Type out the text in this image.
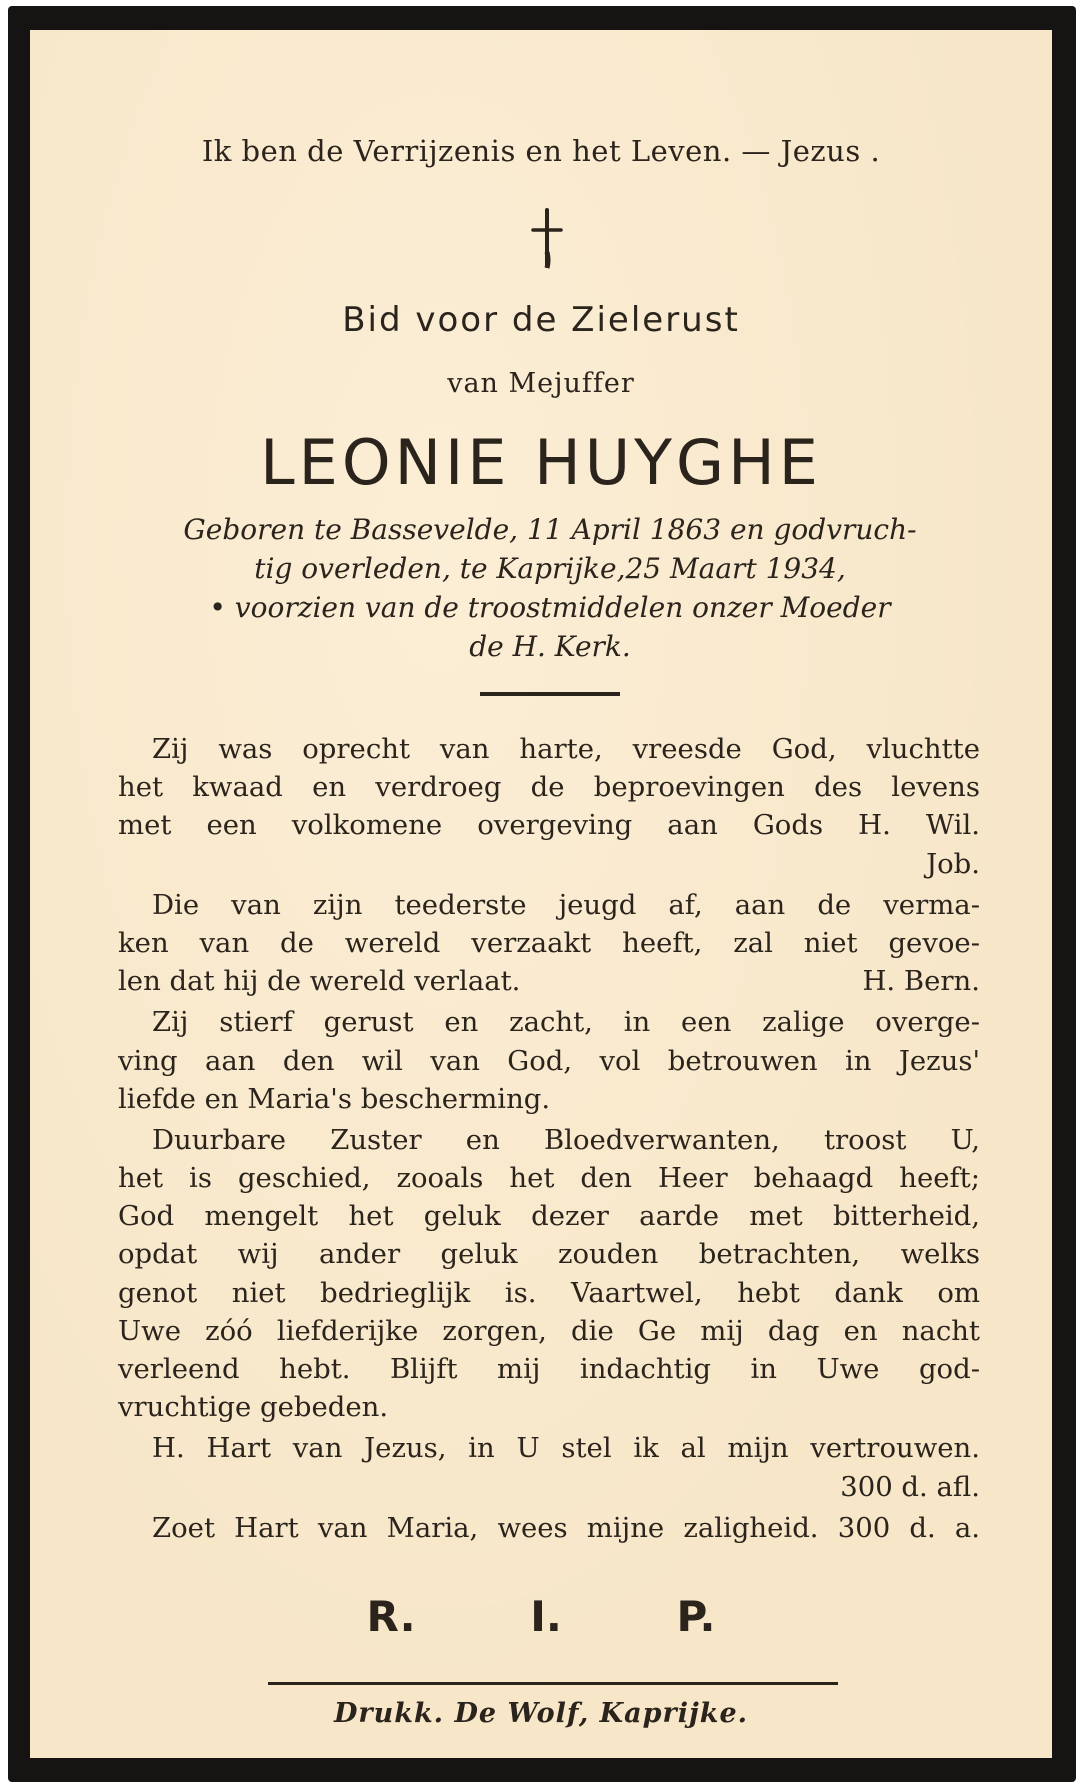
Ik ben de Verrijzenis en het Leven. — Jezus .
Bid voor de Zielerust
van Mejuffer
LEONIE HUYGHE
Geboren te Bassevelde, 11 April 1863 en godvruch-
tig overleden, te Kaprijke,25 Maart 1934,
• voorzien van de troostmiddelen onzer Moeder
de H. Kerk.
Zij was oprecht van harte, vreesde God, vluchtte
het kwaad en verdroeg de beproevingen des levens
met een volkomene overgeving aan Gods H. Wil.
Job.
Die van zijn teederste jeugd af, aan de verma-
ken van de wereld verzaakt heeft, zal niet gevoe-
len dat hij de wereld verlaat.	H. Bern.
Zij stierf gerust en zacht, in een zalige overge-
ving aan den wil van God, vol betrouwen in Jezus'
liefde en Maria's bescherming.
Duurbare Zuster en Bloedverwanten, troost U,
het is geschied, zooals het den Heer behaagd heeft;
God mengelt het geluk dezer aarde met bitterheid,
opdat wij ander geluk zouden betrachten, welks
genot niet bedrieglijk is. Vaartwel, hebt dank om
Uwe zóó liefderijke zorgen, die Ge mij dag en nacht
verleend hebt. Blijft mij indachtig in Uwe god-
vruchtige gebeden.
H. Hart van Jezus, in U stel ik al mijn vertrouwen.
300 d. afl.
Zoet Hart van Maria, wees mijne zaligheid. 300 d. a.
R.	I.	P.
Drukk. De Wolf, Kaprijke.
